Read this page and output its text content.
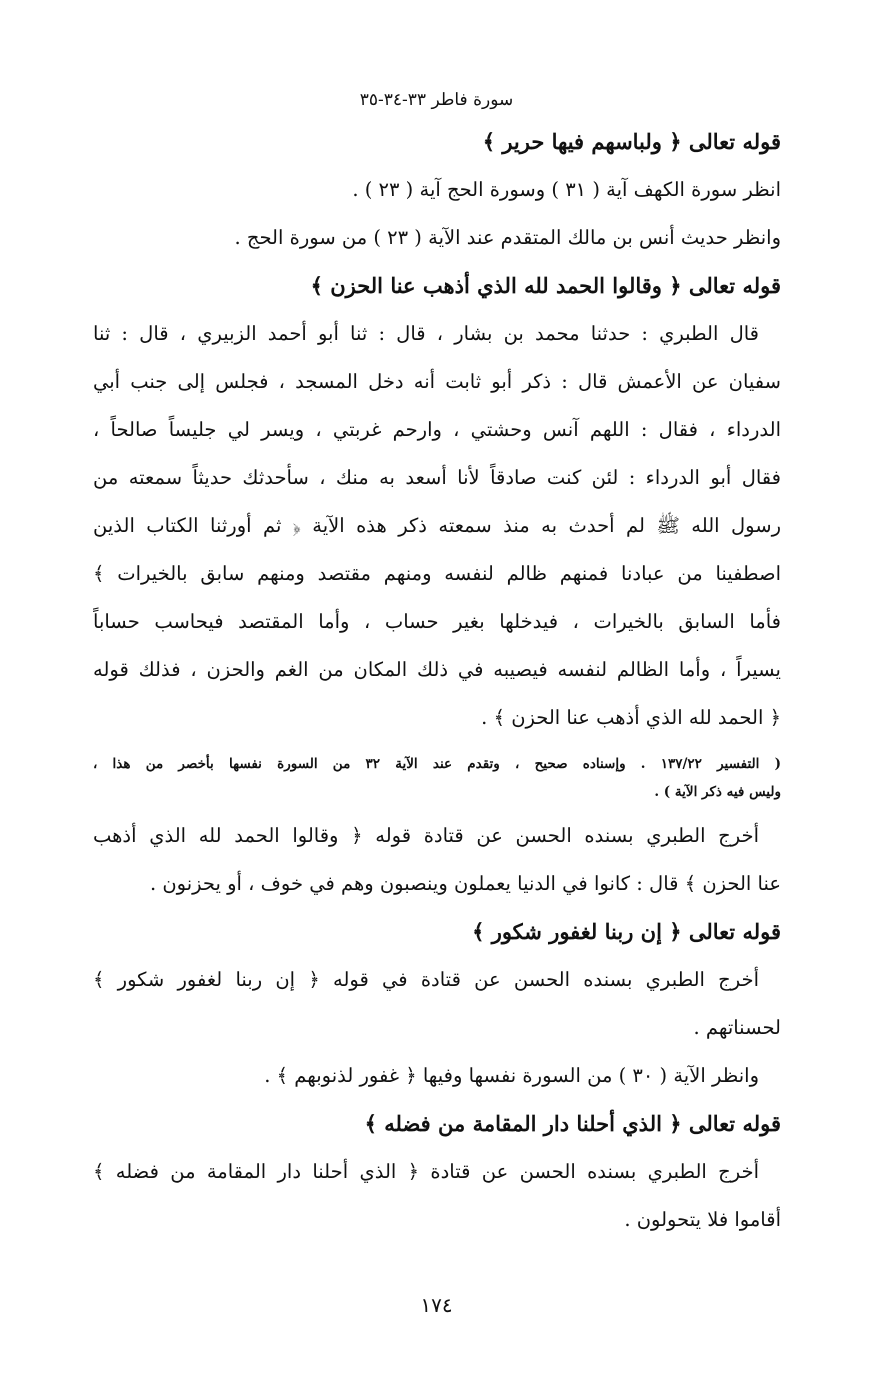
سورة فاطر ٣٣-٣٤-٣٥
قوله تعالى ﴿ ولباسهم فيها حرير ﴾
انظر سورة الكهف آية ( ٣١ ) وسورة الحج آية ( ٢٣ ) .
وانظر حديث أنس بن مالك المتقدم عند الآية ( ٢٣ ) من سورة الحج .
قوله تعالى ﴿ وقالوا الحمد لله الذي أذهب عنا الحزن ﴾
قال الطبري : حدثنا محمد بن بشار ، قال : ثنا أبو أحمد الزبيري ، قال : ثنا
سفيان عن الأعمش قال : ذكر أبو ثابت أنه دخل المسجد ، فجلس إلى جنب أبي
الدرداء ، فقال : اللهم آنس وحشتي ، وارحم غربتي ، ويسر لي جليساً صالحاً ،
فقال أبو الدرداء : لئن كنت صادقاً لأنا أسعد به منك ، سأحدثك حديثاً سمعته من
رسول الله ﷺ لم أحدث به منذ سمعته ذكر هذه الآية ﴿ ثم أورثنا الكتاب الذين
اصطفينا من عبادنا فمنهم ظالم لنفسه ومنهم مقتصد ومنهم سابق بالخيرات ﴾
فأما السابق بالخيرات ، فيدخلها بغير حساب ، وأما المقتصد فيحاسب حساباً
يسيراً ، وأما الظالم لنفسه فيصيبه في ذلك المكان من الغم والحزن ، فذلك قوله
﴿ الحمد لله الذي أذهب عنا الحزن ﴾ .
( التفسير ١٣٧/٢٢ . وإسناده صحيح ، وتقدم عند الآية ٣٢ من السورة نفسها بأخصر من هذا ،
وليس فيه ذكر الآية ) .
أخرج الطبري بسنده الحسن عن قتادة قوله ﴿ وقالوا الحمد لله الذي أذهب
عنا الحزن ﴾ قال : كانوا في الدنيا يعملون وينصبون وهم في خوف ، أو يحزنون .
قوله تعالى ﴿ إن ربنا لغفور شكور ﴾
أخرج الطبري بسنده الحسن عن قتادة في قوله ﴿ إن ربنا لغفور شكور ﴾
لحسناتهم .
وانظر الآية ( ٣٠ ) من السورة نفسها وفيها ﴿ غفور لذنوبهم ﴾ .
قوله تعالى ﴿ الذي أحلنا دار المقامة من فضله ﴾
أخرج الطبري بسنده الحسن عن قتادة ﴿ الذي أحلنا دار المقامة من فضله ﴾
أقاموا فلا يتحولون .
١٧٤
